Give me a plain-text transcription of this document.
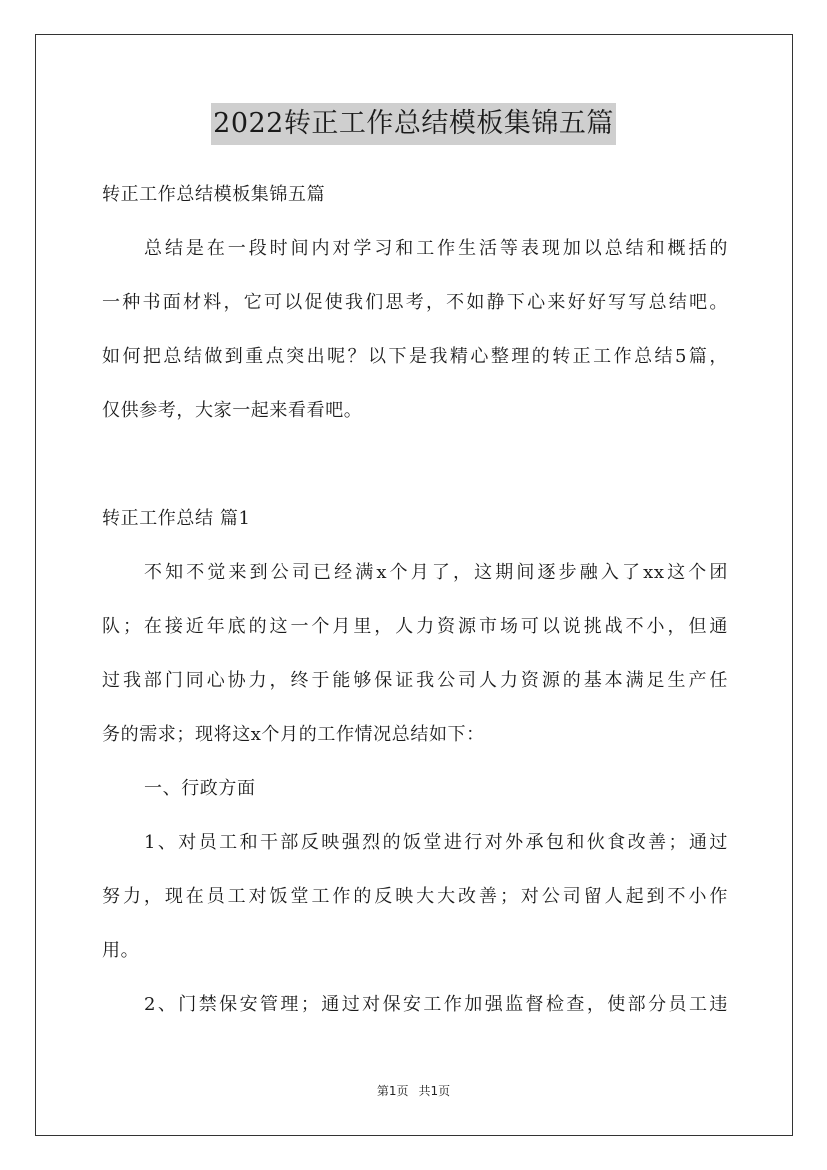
2022转正工作总结模板集锦五篇
转正工作总结模板集锦五篇
总结是在一段时间内对学习和工作生活等表现加以总结和概括的
一种书面材料，它可以促使我们思考，不如静下心来好好写写总结吧。
如何把总结做到重点突出呢？以下是我精心整理的转正工作总结5篇，
仅供参考，大家一起来看看吧。
转正工作总结 篇1
不知不觉来到公司已经满x个月了，这期间逐步融入了xx这个团
队；在接近年底的这一个月里，人力资源市场可以说挑战不小，但通
过我部门同心协力，终于能够保证我公司人力资源的基本满足生产任
务的需求；现将这x个月的工作情况总结如下：
一、行政方面
1、对员工和干部反映强烈的饭堂进行对外承包和伙食改善；通过
努力，现在员工对饭堂工作的反映大大改善；对公司留人起到不小作
用。
2、门禁保安管理；通过对保安工作加强监督检查，使部分员工违
第1页 共1页
